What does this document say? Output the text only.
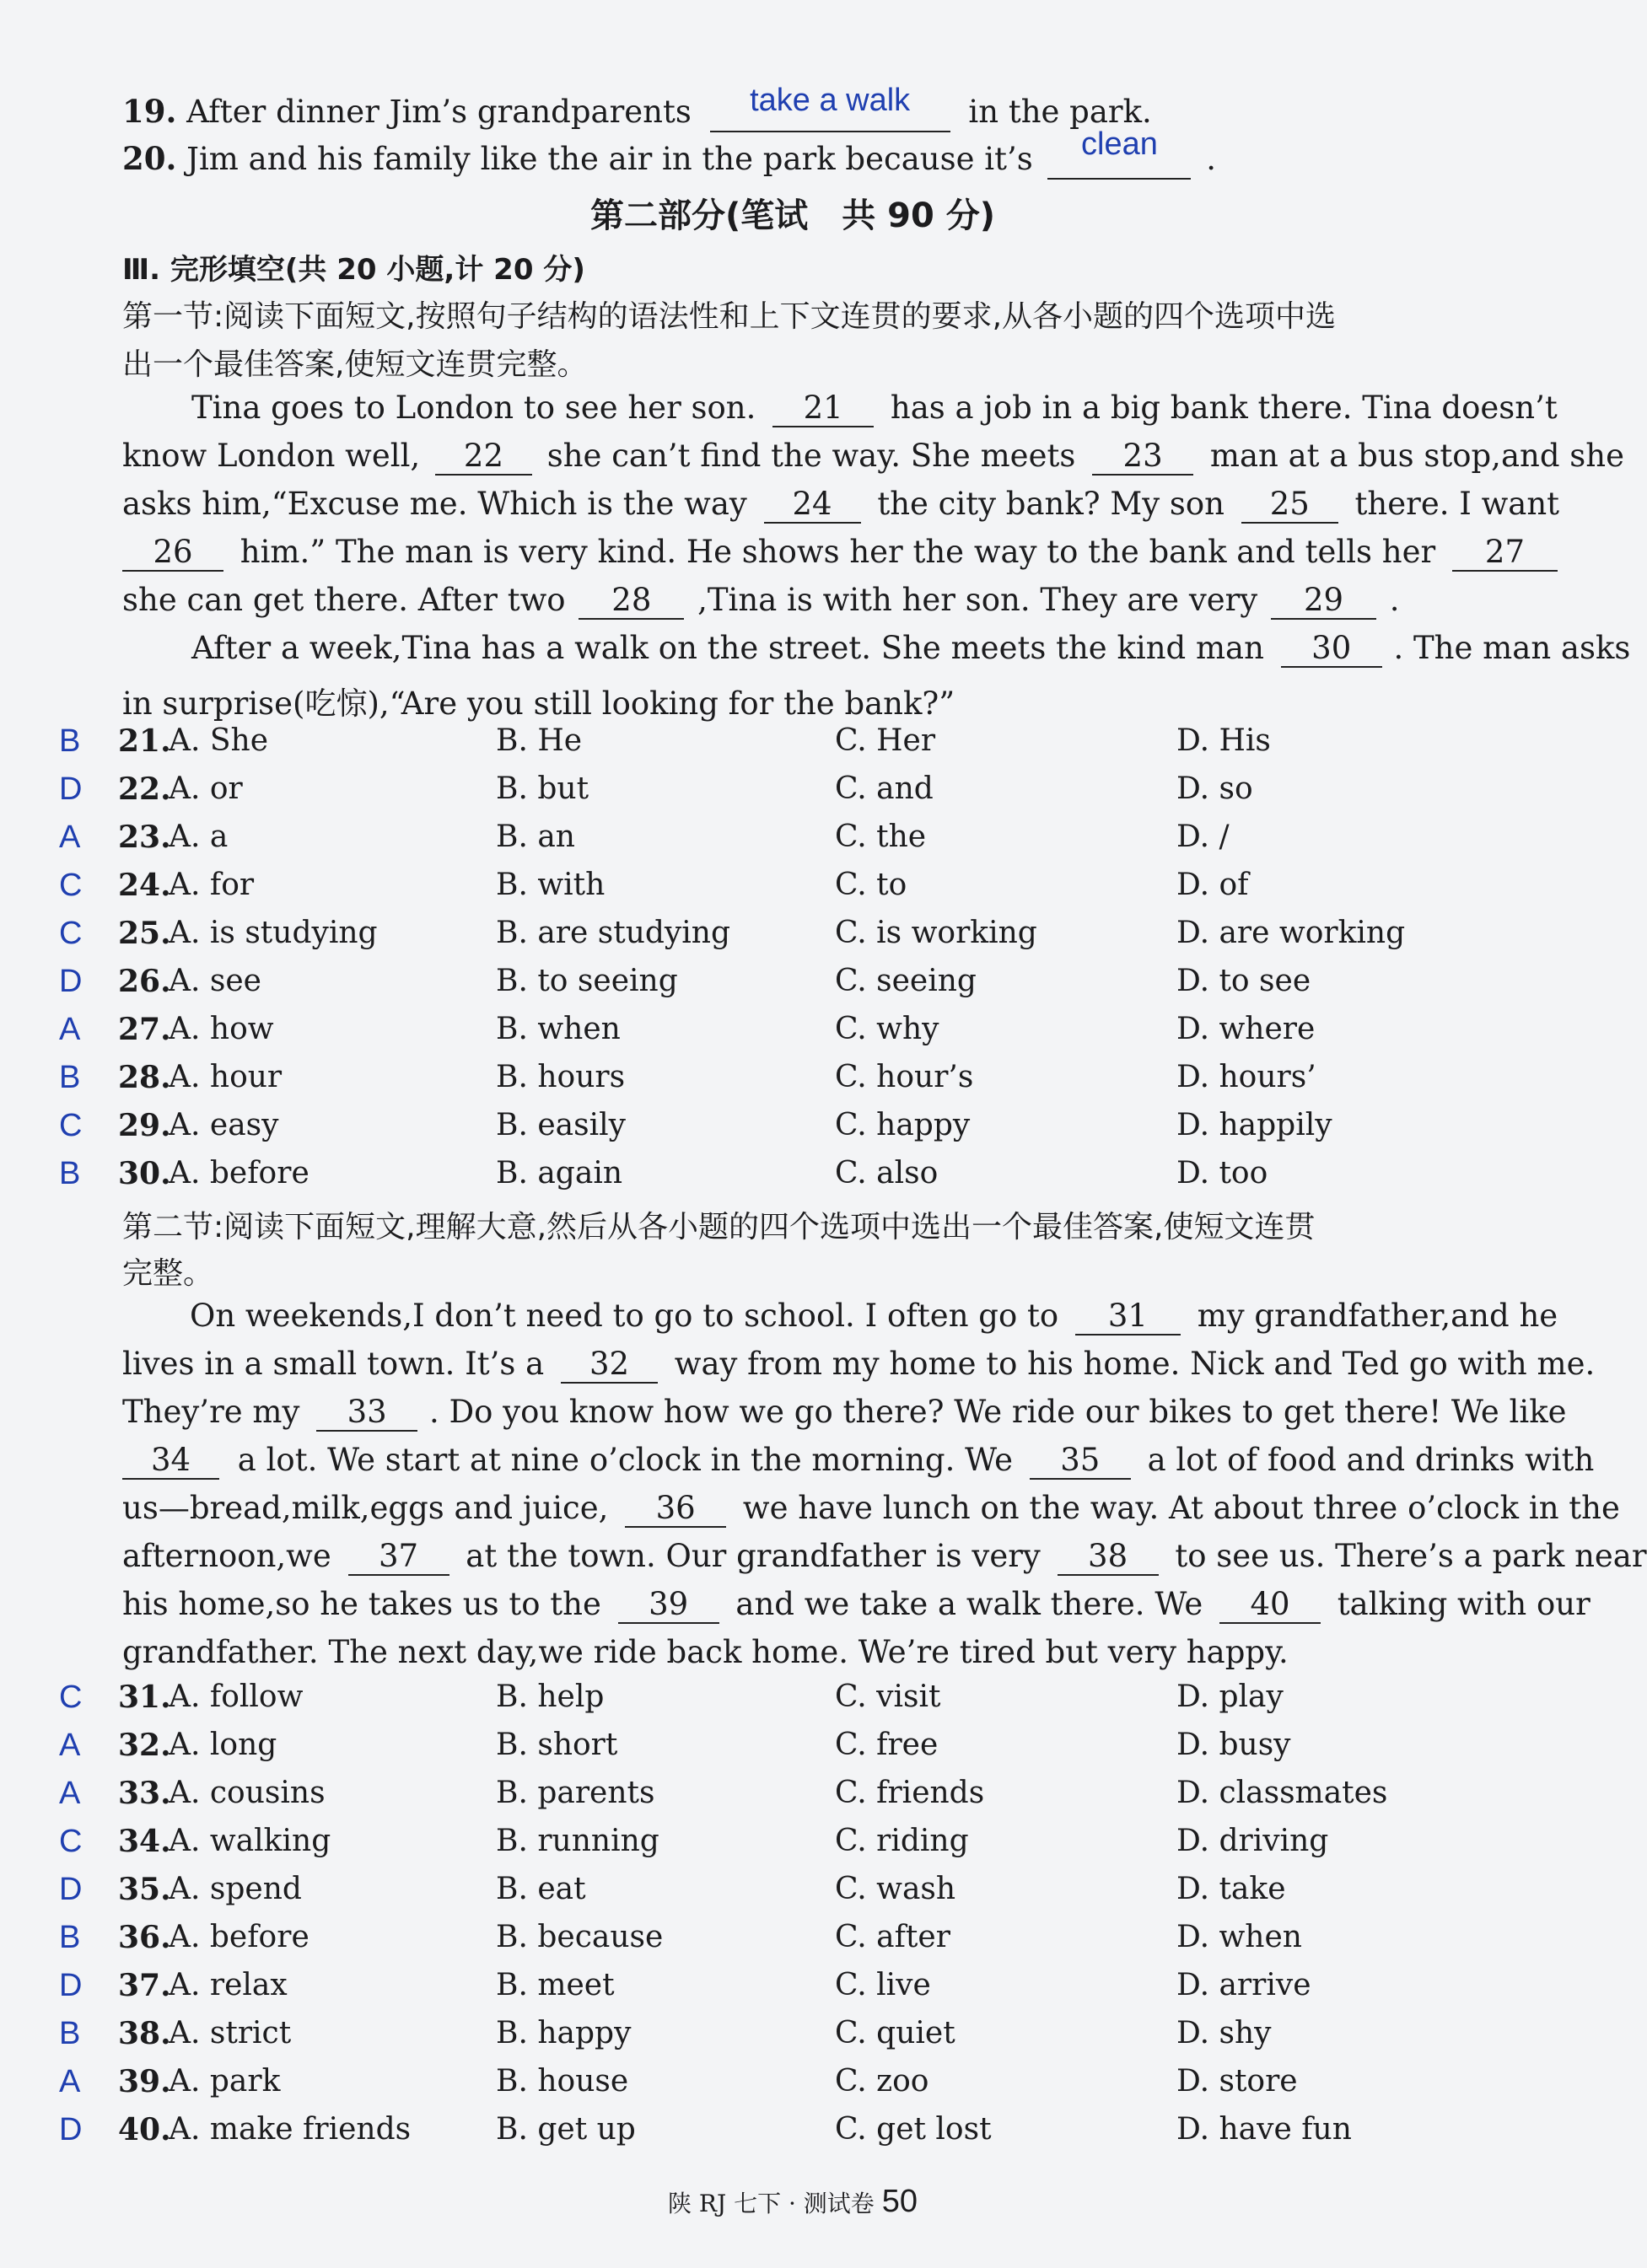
19. After dinner Jim’s grandparents take a walk in the park.
20. Jim and his family like the air in the park because it’s clean .
第二部分(笔试　共 90 分)
Ⅲ. 完形填空(共 20 小题,计 20 分)
第一节:阅读下面短文,按照句子结构的语法性和上下文连贯的要求,从各小题的四个选项中选
出一个最佳答案,使短文连贯完整。
Tina goes to London to see her son. 21 has a job in a big bank there. Tina doesn’t
know London well, 22 she can’t find the way. She meets 23 man at a bus stop,and she
asks him,“Excuse me. Which is the way 24 the city bank? My son 25 there. I want
26 him.” The man is very kind. He shows her the way to the bank and tells her 27
she can get there. After two 28 ,Tina is with her son. They are very 29 .
After a week,Tina has a walk on the street. She meets the kind man 30 . The man asks
in surprise(吃惊),“Are you still looking for the bank?”
B 21.
A. She	B. He	C. Her	D. His
D 22.
A. or	B. but	C. and	D. so
A 23.
A. a	B. an	C. the	D. /
C 24.
A. for	B. with	C. to	D. of
C 25.
A. is studying	B. are studying	C. is working	D. are working
D 26.
A. see	B. to seeing	C. seeing	D. to see
A 27.
A. how	B. when	C. why	D. where
B 28.
A. hour	B. hours	C. hour’s	D. hours’
C 29.
A. easy	B. easily	C. happy	D. happily
B 30.
A. before	B. again	C. also	D. too
第二节:阅读下面短文,理解大意,然后从各小题的四个选项中选出一个最佳答案,使短文连贯
完整。
On weekends,I don’t need to go to school. I often go to 31 my grandfather,and he
lives in a small town. It’s a 32 way from my home to his home. Nick and Ted go with me.
They’re my 33 . Do you know how we go there? We ride our bikes to get there! We like
34 a lot. We start at nine o’clock in the morning. We 35 a lot of food and drinks with
us—bread,milk,eggs and juice, 36 we have lunch on the way. At about three o’clock in the
afternoon,we 37 at the town. Our grandfather is very 38 to see us. There’s a park near
his home,so he takes us to the 39 and we take a walk there. We 40 talking with our
grandfather. The next day,we ride back home. We’re tired but very happy.
C 31.
A. follow	B. help	C. visit	D. play
A 32.
A. long	B. short	C. free	D. busy
A 33.
A. cousins	B. parents	C. friends	D. classmates
C 34.
A. walking	B. running	C. riding	D. driving
D 35.
A. spend	B. eat	C. wash	D. take
B 36.
A. before	B. because	C. after	D. when
D 37.
A. relax	B. meet	C. live	D. arrive
B 38.
A. strict	B. happy	C. quiet	D. shy
A 39.
A. park	B. house	C. zoo	D. store
D 40.
A. make friends	B. get up	C. get lost	D. have fun
陕 RJ 七下 · 测试卷 50
